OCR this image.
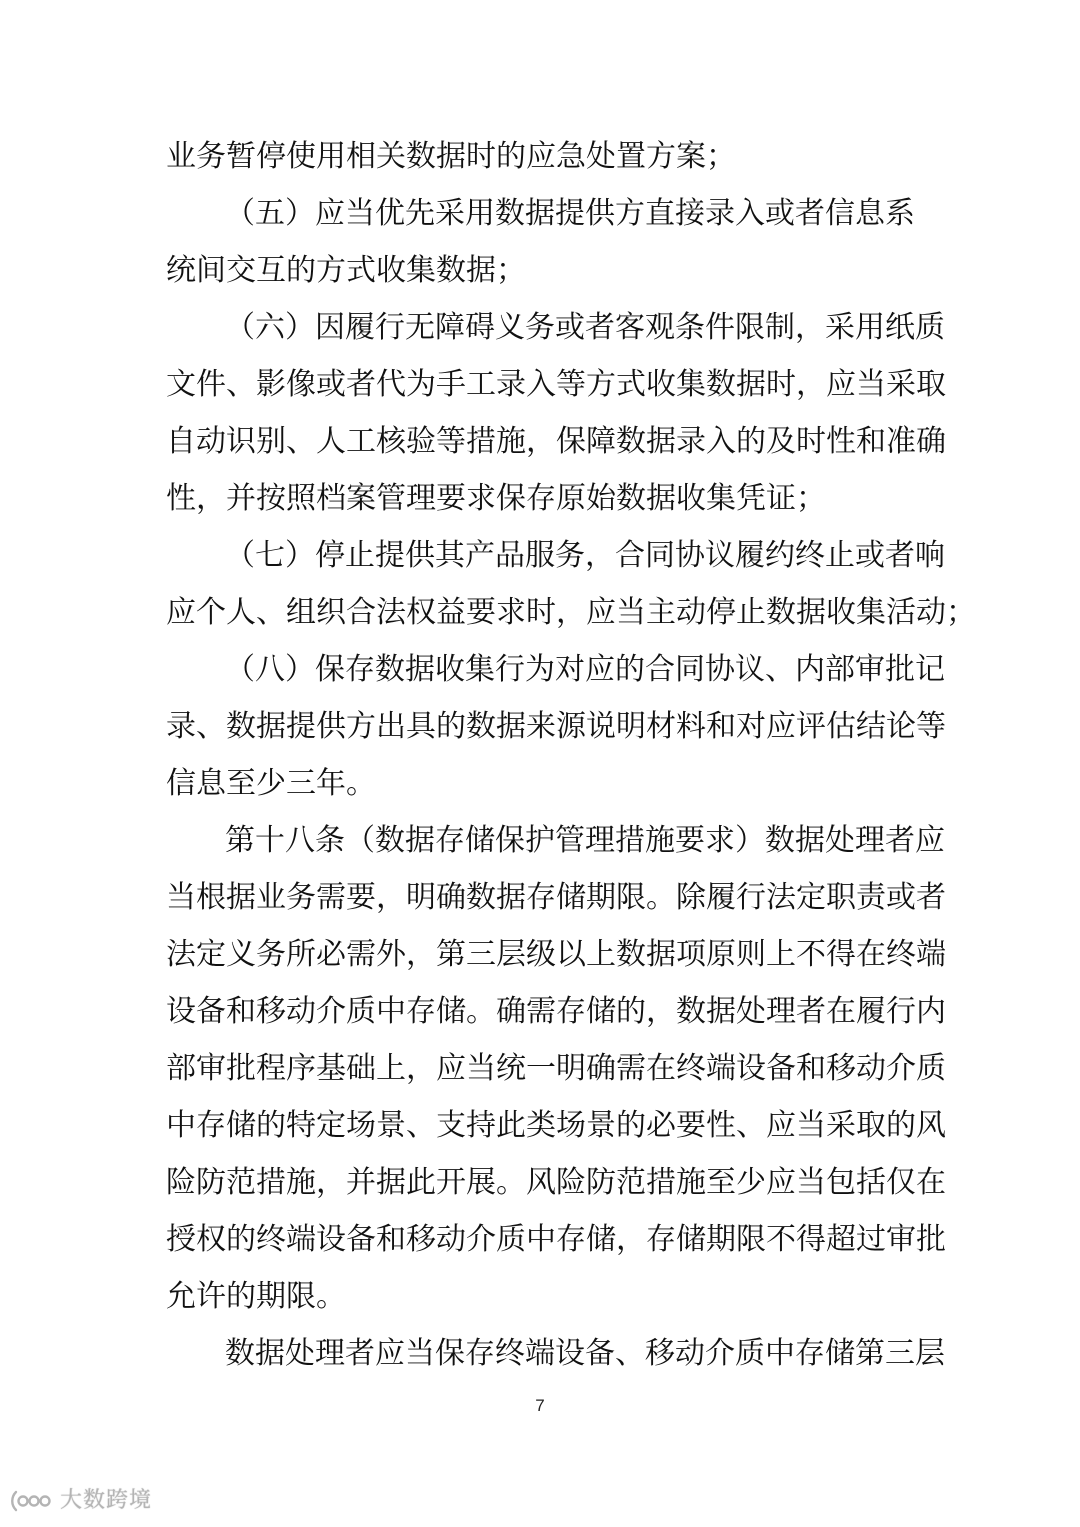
业务暂停使用相关数据时的应急处置方案；
（五）应当优先采用数据提供方直接录入或者信息系
统间交互的方式收集数据；
（六）因履行无障碍义务或者客观条件限制，采用纸质
文件、影像或者代为手工录入等方式收集数据时，应当采取
自动识别、人工核验等措施，保障数据录入的及时性和准确
性，并按照档案管理要求保存原始数据收集凭证；
（七）停止提供其产品服务，合同协议履约终止或者响
应个人、组织合法权益要求时，应当主动停止数据收集活动；
（八）保存数据收集行为对应的合同协议、内部审批记
录、数据提供方出具的数据来源说明材料和对应评估结论等
信息至少三年。
第十八条（数据存储保护管理措施要求）数据处理者应
当根据业务需要，明确数据存储期限。除履行法定职责或者
法定义务所必需外，第三层级以上数据项原则上不得在终端
设备和移动介质中存储。确需存储的，数据处理者在履行内
部审批程序基础上，应当统一明确需在终端设备和移动介质
中存储的特定场景、支持此类场景的必要性、应当采取的风
险防范措施，并据此开展。风险防范措施至少应当包括仅在
授权的终端设备和移动介质中存储，存储期限不得超过审批
允许的期限。
数据处理者应当保存终端设备、移动介质中存储第三层
7
大数跨境
